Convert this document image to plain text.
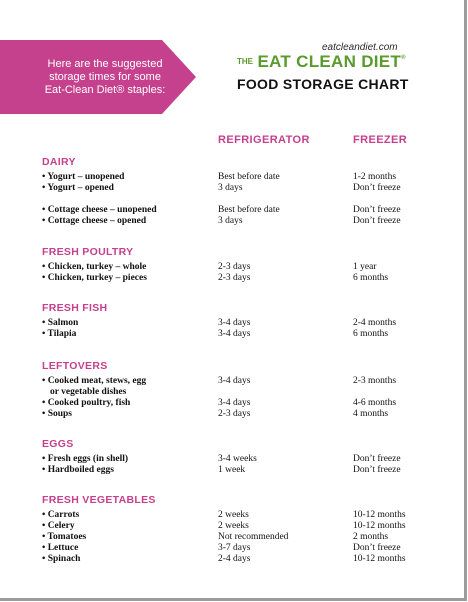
Here are the suggested
storage times for some
Eat-Clean Diet® staples:
eatcleandiet.com
THE EAT CLEAN DIET®
FOOD STORAGE CHART
REFRIGERATOR	FREEZER
DAIRY
• Yogurt – unopened	Best before date	1-2 months
• Yogurt – opened	3 days	Don’t freeze
• Cottage cheese – unopened	Best before date	Don’t freeze
• Cottage cheese – opened	3 days	Don’t freeze
FRESH POULTRY
• Chicken, turkey – whole	2-3 days	1 year
• Chicken, turkey – pieces	2-3 days	6 months
FRESH FISH
• Salmon	3-4 days	2-4 months
• Tilapia	3-4 days	6 months
LEFTOVERS
• Cooked meat, stews, egg	3-4 days	2-3 months
or vegetable dishes
• Cooked poultry, fish	3-4 days	4-6 months
• Soups	2-3 days	4 months
EGGS
• Fresh eggs (in shell)	3-4 weeks	Don’t freeze
• Hardboiled eggs	1 week	Don’t freeze
FRESH VEGETABLES
• Carrots	2 weeks	10-12 months
• Celery	2 weeks	10-12 months
• Tomatoes	Not recommended	2 months
• Lettuce	3-7 days	Don’t freeze
• Spinach	2-4 days	10-12 months
